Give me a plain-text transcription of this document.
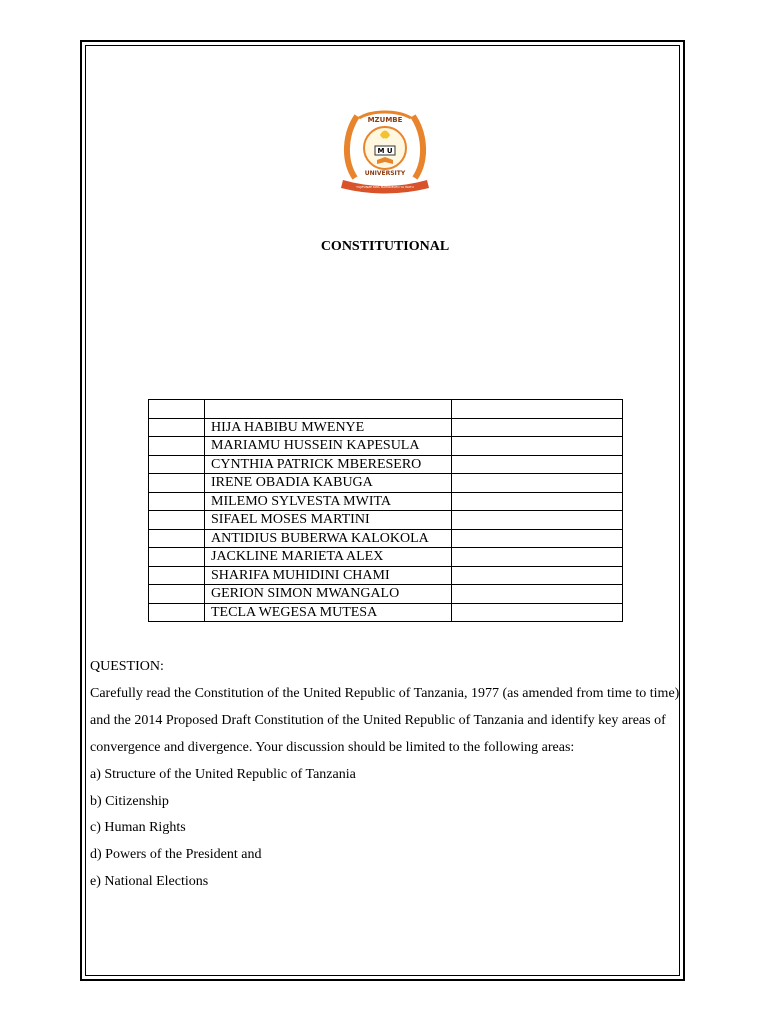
MZUMBE
M U
UNIVERSITY
TUJIFUNZE KWA MAENDELEO YA WATU
CONSTITUTIONAL

	HIJA HABIBU MWENYE	
	MARIAMU HUSSEIN KAPESULA	
	CYNTHIA PATRICK MBERESERO	
	IRENE OBADIA KABUGA	
	MILEMO SYLVESTA MWITA	
	SIFAEL MOSES MARTINI	
	ANTIDIUS BUBERWA KALOKOLA	
	JACKLINE MARIETA ALEX	
	SHARIFA MUHIDINI CHAMI	
	GERION SIMON MWANGALO	
	TECLA WEGESA MUTESA	

QUESTION:

Carefully read the Constitution of the United Republic of Tanzania, 1977 (as amended from time to time) and the 2014 Proposed Draft Constitution of the United Republic of Tanzania and identify key areas of convergence and divergence. Your discussion should be limited to the following areas:

a) Structure of the United Republic of Tanzania

b) Citizenship

c) Human Rights

d) Powers of the President and

e) National Elections
